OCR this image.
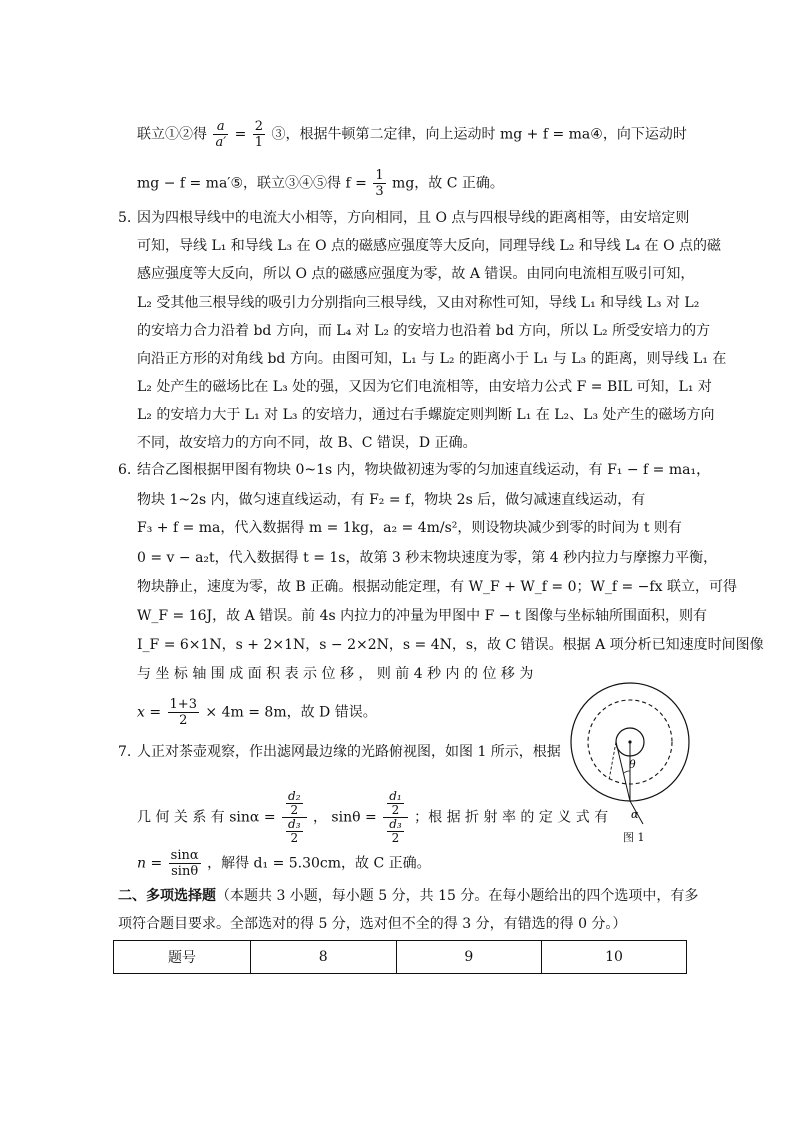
联立①②得 $\frac{a}{a'} = \frac{2}{1}$ ③，根据牛顿第二定律，向上运动时 mg + f = ma④，向下运动时
mg − f = ma′⑤，联立③④⑤得 $f = \frac{1}{3}$ mg，故 C 正确。
5. 因为四根导线中的电流大小相等，方向相同，且 O 点与四根导线的距离相等，由安培定则
可知，导线 L₁ 和导线 L₃ 在 O 点的磁感应强度等大反向，同理导线 L₂ 和导线 L₄ 在 O 点的磁
感应强度等大反向，所以 O 点的磁感应强度为零，故 A 错误。由同向电流相互吸引可知，
L₂ 受其他三根导线的吸引力分别指向三根导线，又由对称性可知，导线 L₁ 和导线 L₃ 对 L₂
的安培力合力沿着 bd 方向，而 L₄ 对 L₂ 的安培力也沿着 bd 方向，所以 L₂ 所受安培力的方
向沿正方形的对角线 bd 方向。由图可知，L₁ 与 L₂ 的距离小于 L₁ 与 L₃ 的距离，则导线 L₁ 在
L₂ 处产生的磁场比在 L₃ 处的强，又因为它们电流相等，由安培力公式 F = BIL 可知，L₁ 对
L₂ 的安培力大于 L₁ 对 L₃ 的安培力，通过右手螺旋定则判断 L₁ 在 L₂、L₃ 处产生的磁场方向
不同，故安培力的方向不同，故 B、C 错误，D 正确。
6. 结合乙图根据甲图有物块 0~1s 内，物块做初速为零的匀加速直线运动，有 F₁ − f = ma₁，
物块 1~2s 内，做匀速直线运动，有 F₂ = f，物块 2s 后，做匀减速直线运动，有
F₃ + f = ma，代入数据得 m = 1kg，a₂ = 4m/s²，则设物块减少到零的时间为 t 则有
0 = v − a₂t，代入数据得 t = 1s，故第 3 秒末物块速度为零，第 4 秒内拉力与摩擦力平衡，
物块静止，速度为零，故 B 正确。根据动能定理，有 W_F + W_f = 0；W_f = −fx 联立，可得
W_F = 16J，故 A 错误。前 4s 内拉力的冲量为甲图中 F − t 图像与坐标轴所围面积，则有
I_F = 6×1N，s + 2×1N，s − 2×2N，s = 4N，s，故 C 错误。根据 A 项分析已知速度时间图像
与 坐 标 轴 围 成 面 积 表 示 位 移 ， 则 前 4 秒 内 的 位 移 为
$x = \frac{1+3}{2} \times 4m = 8m$，故 D 错误。
7. 人正对茶壶观察，作出滤网最边缘的光路俯视图，如图 1 所示，根据
几 何 关 系 有 $\sin\alpha = \frac{\frac{\text{d₂}}{2}}{\frac{\text{d₃}}{2}}$ ， $\sin\theta = \frac{\frac{\text{d₁}}{2}}{\frac{\text{d₃}}{2}}$ ；根 据 折 射 率 的 定 义 式 有
$n = \frac{\sin\alpha}{\sin\theta}$ ，解得 d₁ = 5.30cm，故 C 正确。
θ
α
图 1
二、多项选择题（本题共 3 小题，每小题 5 分，共 15 分。在每小题给出的四个选项中，有多
项符合题目要求。全部选对的得 5 分，选对但不全的得 3 分，有错选的得 0 分。）
题号	8	9	10
